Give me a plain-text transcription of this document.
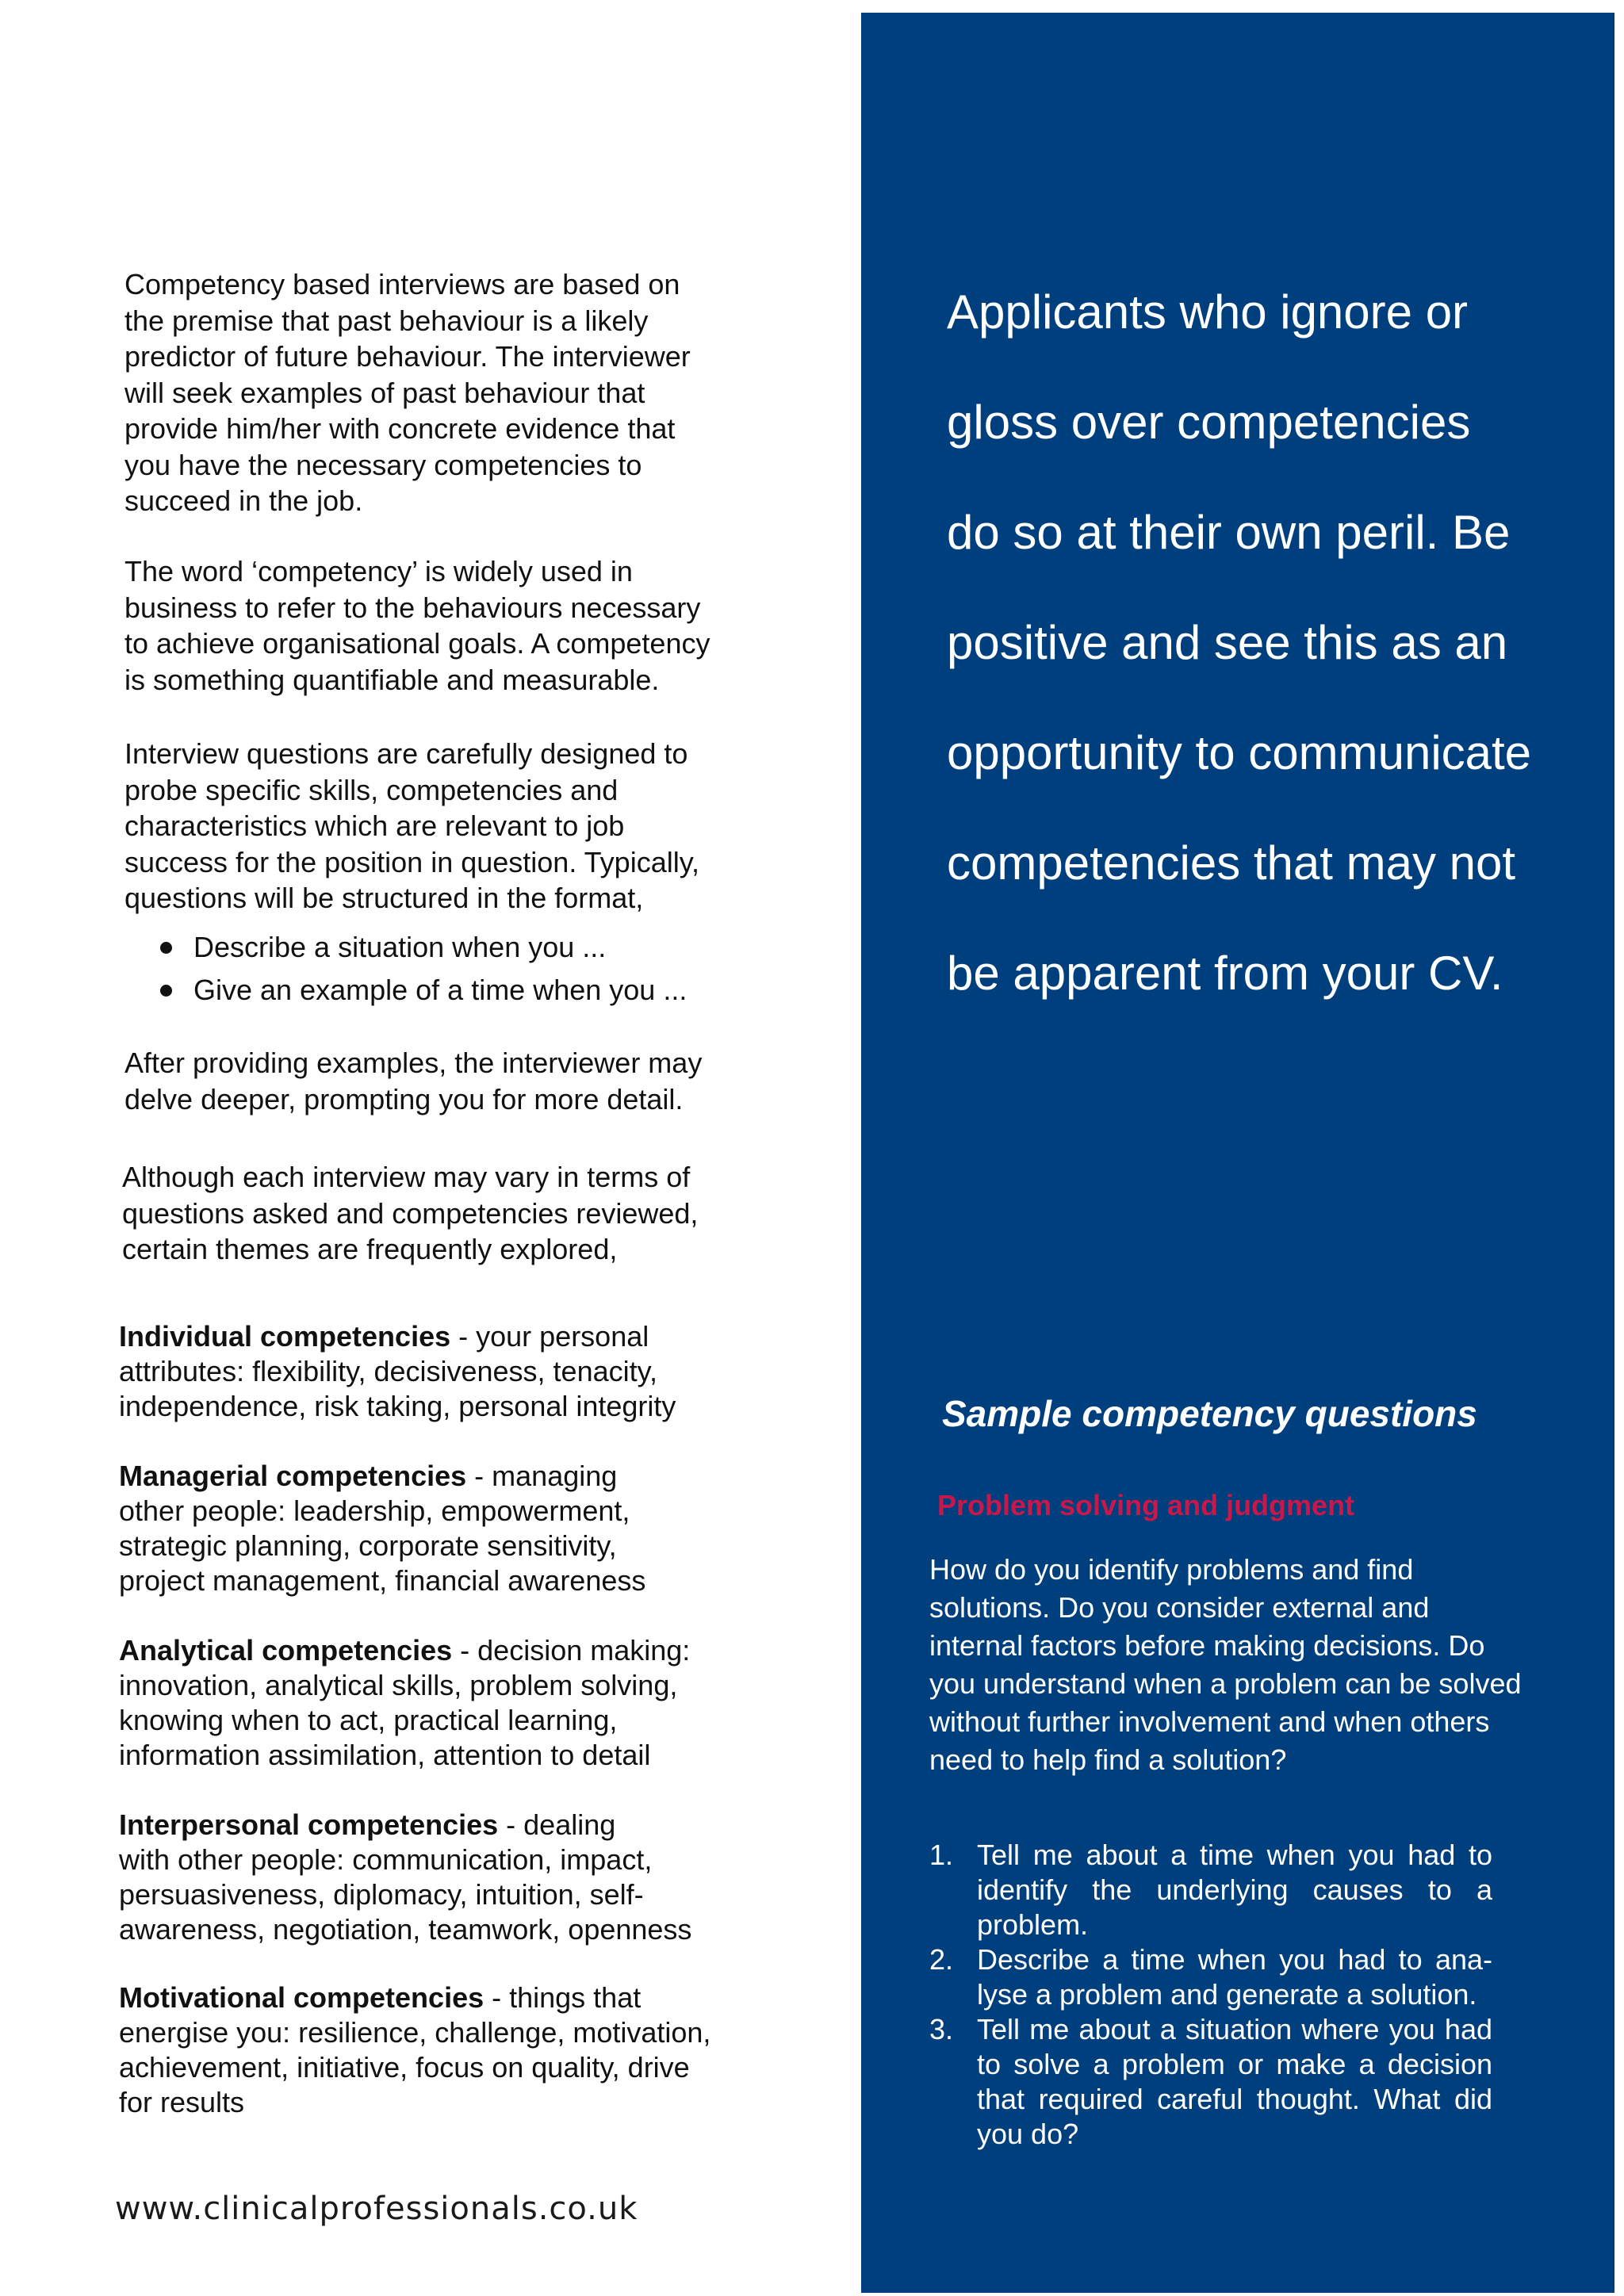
Competency based interviews are based on
the premise that past behaviour is a likely
predictor of future behaviour. The interviewer
will seek examples of past behaviour that
provide him/her with concrete evidence that
you have the necessary competencies to
succeed in the job.

The word ‘competency’ is widely used in
business to refer to the behaviours necessary
to achieve organisational goals. A competency
is something quantifiable and measurable.

Interview questions are carefully designed to
probe specific skills, competencies and
characteristics which are relevant to job
success for the position in question. Typically,
questions will be structured in the format,

Describe a situation when you ...
Give an example of a time when you ...

After providing examples, the interviewer may
delve deeper, prompting you for more detail.

Although each interview may vary in terms of
questions asked and competencies reviewed,
certain themes are frequently explored,

Individual competencies - your personal
attributes: flexibility, decisiveness, tenacity,
independence, risk taking, personal integrity

Managerial competencies - managing
other people: leadership, empowerment,
strategic planning, corporate sensitivity,
project management, financial awareness

Analytical competencies - decision making:
innovation, analytical skills, problem solving,
knowing when to act, practical learning,
information assimilation, attention to detail

Interpersonal competencies - dealing
with other people: communication, impact,
persuasiveness, diplomacy, intuition, self-
awareness, negotiation, teamwork, openness

Motivational competencies - things that
energise you: resilience, challenge, motivation,
achievement, initiative, focus on quality, drive
for results

www.clinicalprofessionals.co.uk

Applicants who ignore or
gloss over competencies
do so at their own peril. Be
positive and see this as an
opportunity to communicate
competencies that may not
be apparent from your CV.

Sample competency questions

Problem solving and judgment

How do you identify problems and find
solutions. Do you consider external and
internal factors before making decisions. Do
you understand when a problem can be solved
without further involvement and when others
need to help find a solution?

1. Tell me about a time when you had to identify the underlying causes to a problem.
2. Describe a time when you had to ana-lyse a problem and generate a solution.
3. Tell me about a situation where you had to solve a problem or make a decision that required careful thought. What did you do?
